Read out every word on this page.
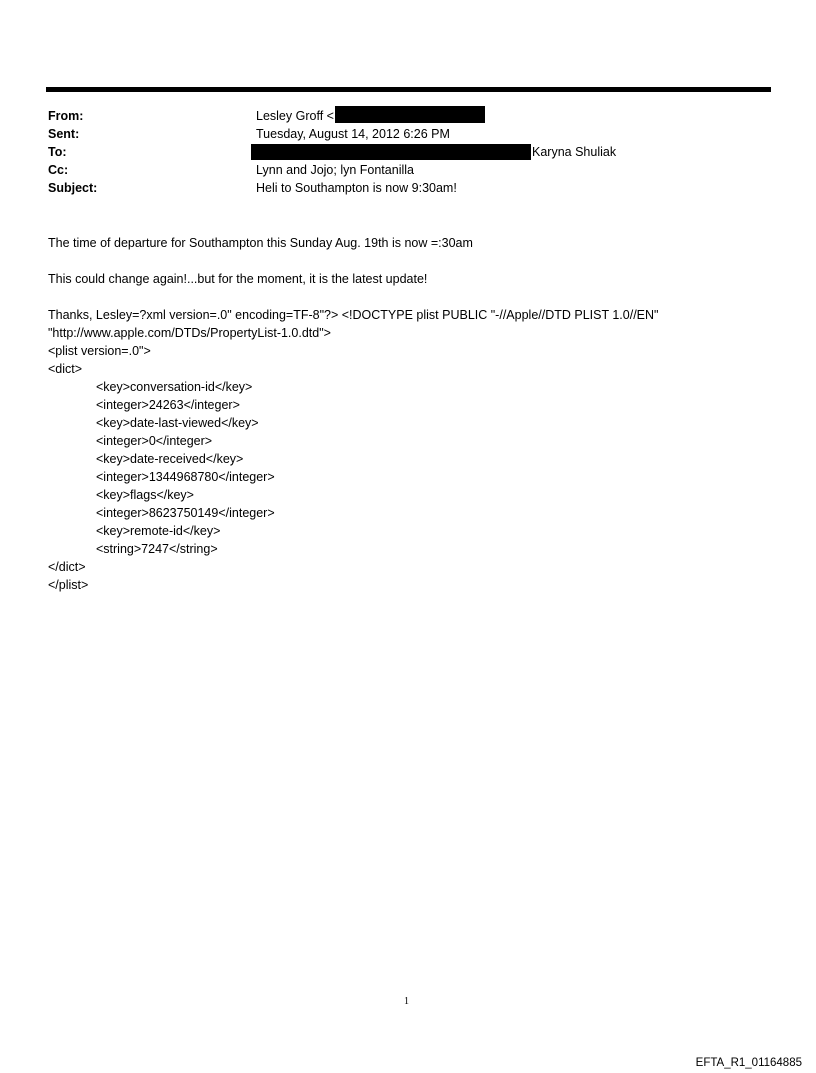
From:	Lesley Groff <
Sent:	Tuesday, August 14, 2012 6:26 PM
To:	Karyna Shuliak
Cc:	Lynn and Jojo; lyn Fontanilla
Subject:	Heli to Southampton is now 9:30am!
The time of departure for Southampton this Sunday Aug. 19th is now =:30am
This could change again!...but for the moment, it is the latest update!
Thanks, Lesley=?xml version=.0" encoding=TF-8"?> <!DOCTYPE plist PUBLIC "-//Apple//DTD PLIST 1.0//EN"
"http://www.apple.com/DTDs/PropertyList-1.0.dtd">
<plist version=.0">
<dict>
<key>conversation-id</key>
<integer>24263</integer>
<key>date-last-viewed</key>
<integer>0</integer>
<key>date-received</key>
<integer>1344968780</integer>
<key>flags</key>
<integer>8623750149</integer>
<key>remote-id</key>
<string>7247</string>
</dict>
</plist>
1
EFTA_R1_01164885
